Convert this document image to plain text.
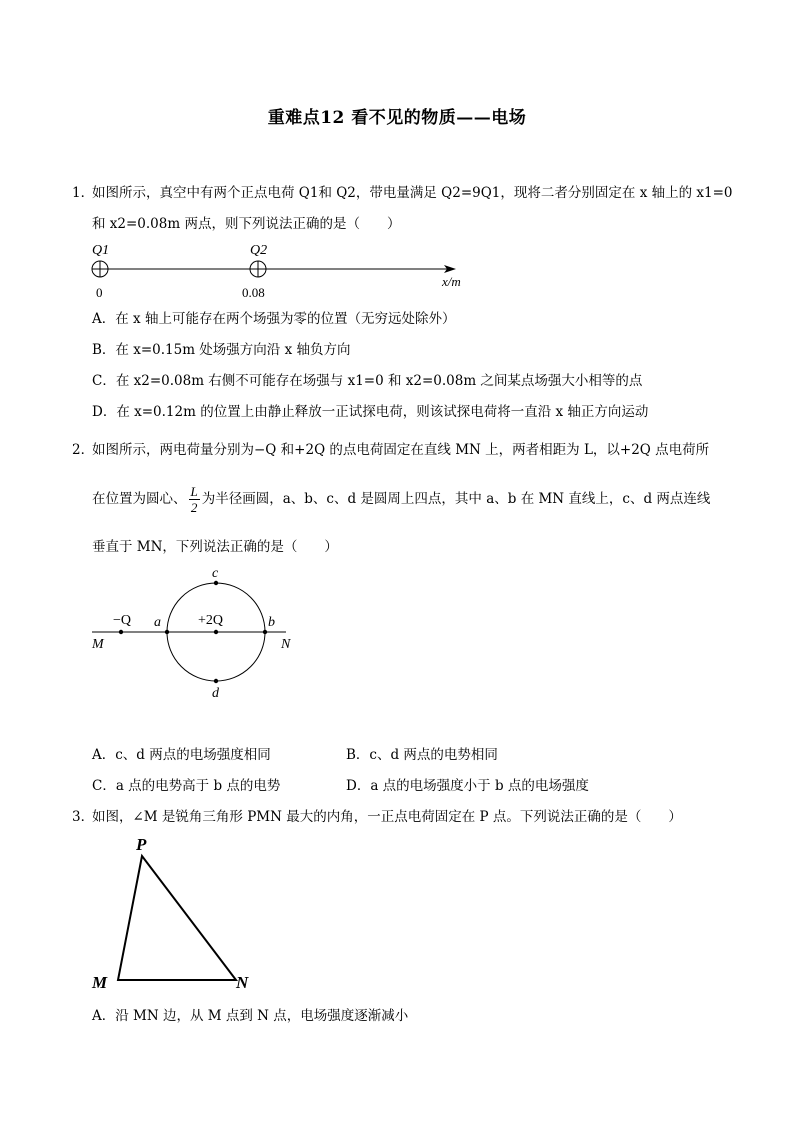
重难点12 看不见的物质——电场
1．
如图所示，真空中有两个正点电荷 Q1和 Q2，带电量满足 Q2=9Q1，现将二者分别固定在 x 轴上的 x1=0
和 x2=0.08m 两点，则下列说法正确的是（　　）
Q1	Q2
0	0.08
x/m
A．在 x 轴上可能存在两个场强为零的位置（无穷远处除外）
B．在 x=0.15m 处场强方向沿 x 轴负方向
C．在 x2=0.08m 右侧不可能存在场强与 x1=0 和 x2=0.08m 之间某点场强大小相等的点
D．在 x=0.12m 的位置上由静止释放一正试探电荷，则该试探电荷将一直沿 x 轴正方向运动
2．
如图所示，两电荷量分别为−Q 和+2Q 的点电荷固定在直线 MN 上，两者相距为 L，以+2Q 点电荷所
在位置为圆心、 $\frac{L}{2}$ 为半径画圆，a、b、c、d 是圆周上四点，其中 a、b 在 MN 直线上，c、d 两点连线
垂直于 MN，下列说法正确的是（　　）
−Q	+2Q
a	b
c
d
M	N
A．c、d 两点的电场强度相同	B．c、d 两点的电势相同
C．a 点的电势高于 b 点的电势	D．a 点的电场强度小于 b 点的电场强度
3．
如图，∠M 是锐角三角形 PMN 最大的内角，一正点电荷固定在 P 点。下列说法正确的是（　　）
P
M	N
A．沿 MN 边，从 M 点到 N 点，电场强度逐渐减小
